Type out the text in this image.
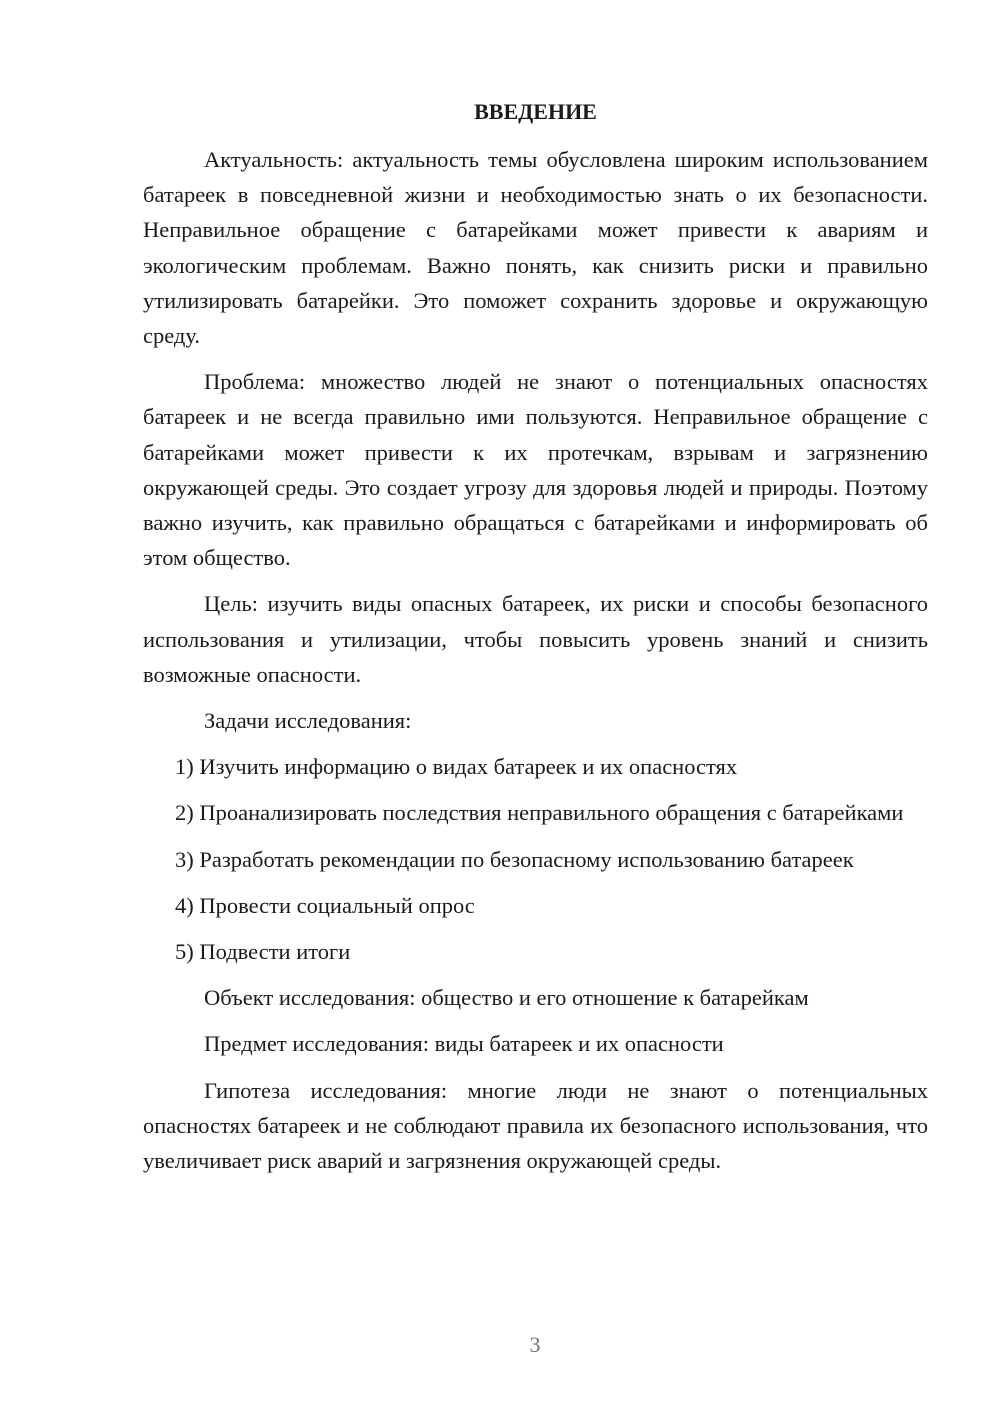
ВВЕДЕНИЕ

Актуальность: актуальность темы обусловлена широким использованием батареек в повседневной жизни и необходимостью знать о их безопасности. Неправильное обращение с батарейками может привести к авариям и экологическим проблемам. Важно понять, как снизить риски и правильно утилизировать батарейки. Это поможет сохранить здоровье и окружающую среду.

Проблема: множество людей не знают о потенциальных опасностях батареек и не всегда правильно ими пользуются. Неправильное обращение с батарейками может привести к их протечкам, взрывам и загрязнению окружающей среды. Это создает угрозу для здоровья людей и природы. Поэтому важно изучить, как правильно обращаться с батарейками и информировать об этом общество.

Цель: изучить виды опасных батареек, их риски и способы безопасного использования и утилизации, чтобы повысить уровень знаний и снизить возможные опасности.

Задачи исследования:

1) Изучить информацию о видах батареек и их опасностях

2) Проанализировать последствия неправильного обращения с батарейками

3) Разработать рекомендации по безопасному использованию батареек

4) Провести социальный опрос

5) Подвести итоги

Объект исследования: общество и его отношение к батарейкам

Предмет исследования: виды батареек и их опасности

Гипотеза исследования: многие люди не знают о потенциальных опасностях батареек и не соблюдают правила их безопасного использования, что увеличивает риск аварий и загрязнения окружающей среды.

3
